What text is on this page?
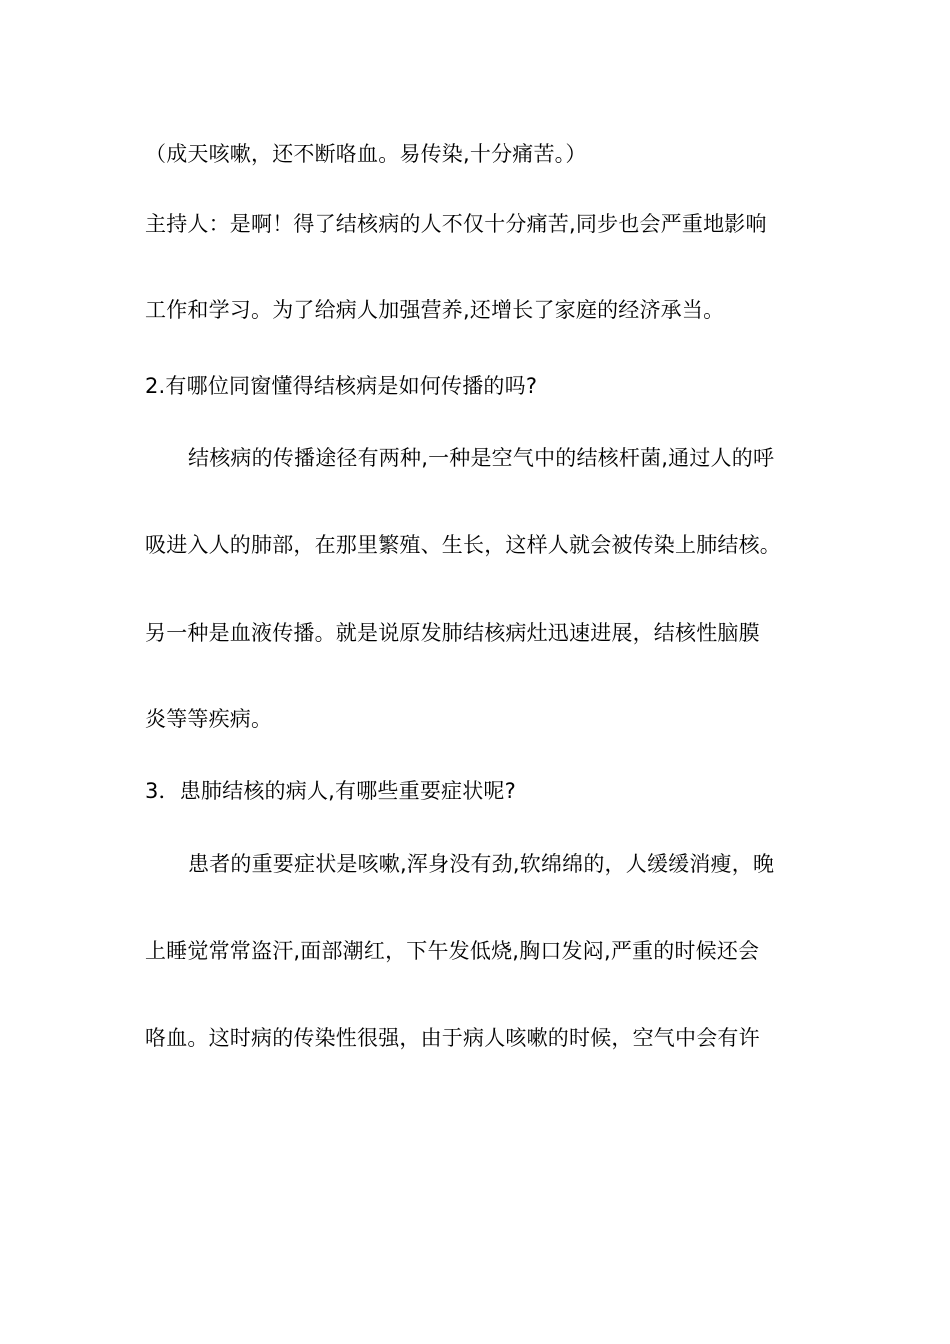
（成天咳嗽，还不断咯血。易传染,十分痛苦。）
主持人：是啊！得了结核病的人不仅十分痛苦,同步也会严重地影响
工作和学习。为了给病人加强营养,还增长了家庭的经济承当。
2.有哪位同窗懂得结核病是如何传播的吗?
结核病的传播途径有两种,一种是空气中的结核杆菌,通过人的呼
吸进入人的肺部，在那里繁殖、生长，这样人就会被传染上肺结核。
另一种是血液传播。就是说原发肺结核病灶迅速进展，结核性脑膜
炎等等疾病。
3．患肺结核的病人,有哪些重要症状呢?
患者的重要症状是咳嗽,浑身没有劲,软绵绵的，人缓缓消瘦，晚
上睡觉常常盗汗,面部潮红，下午发低烧,胸口发闷,严重的时候还会
咯血。这时病的传染性很强，由于病人咳嗽的时候，空气中会有许
